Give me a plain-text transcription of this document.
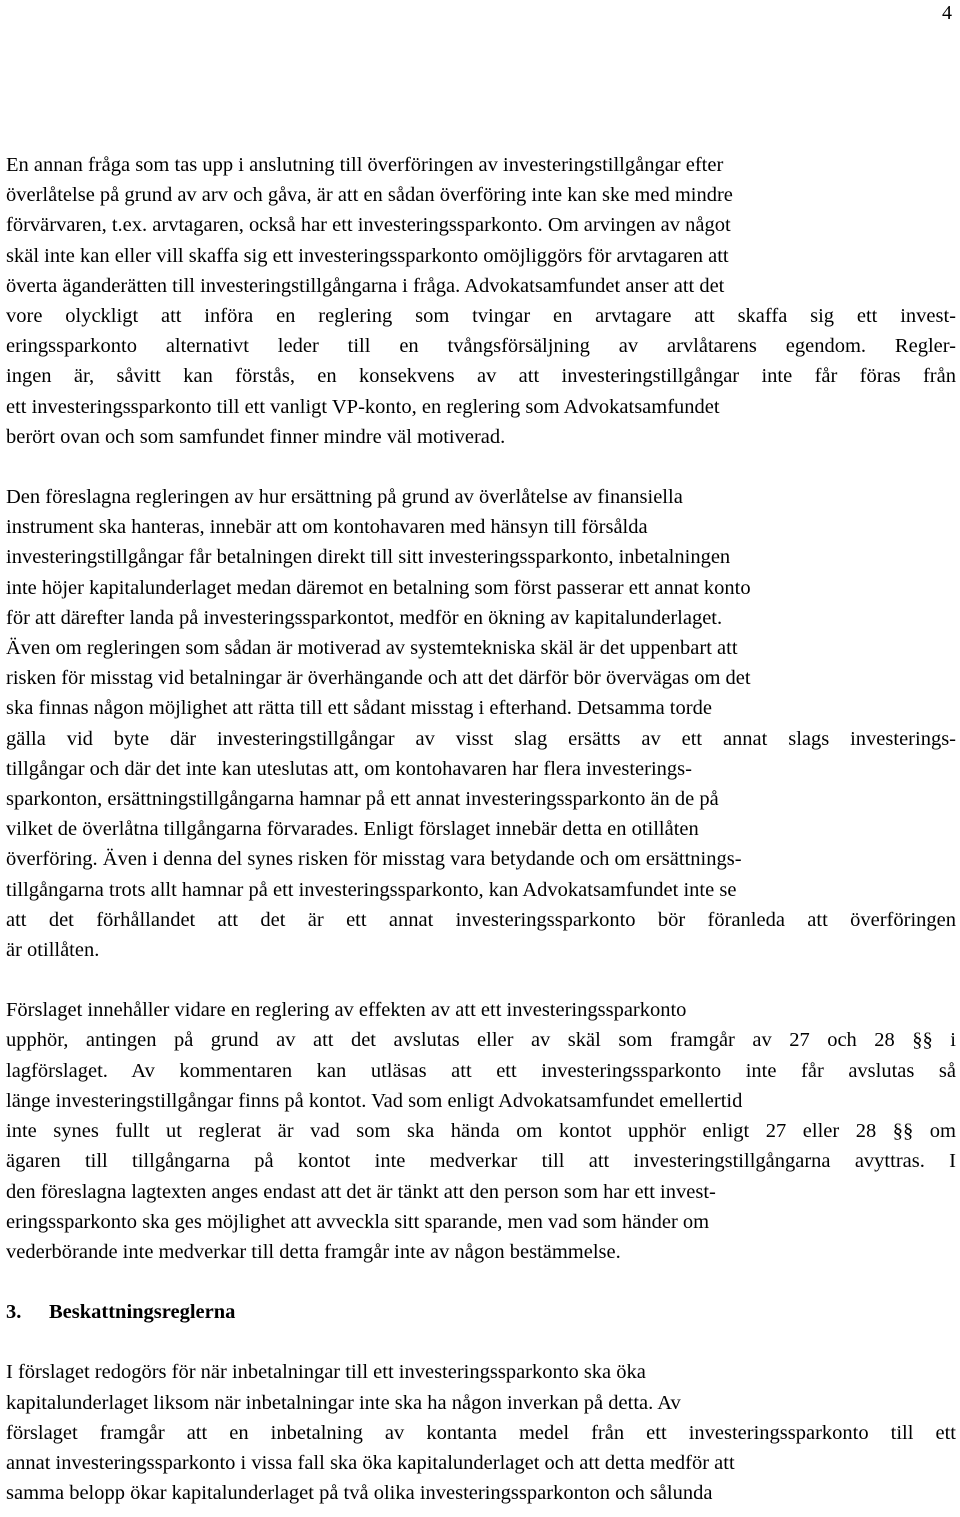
4

En annan fråga som tas upp i anslutning till överföringen av investeringstillgångar efter
överlåtelse på grund av arv och gåva, är att en sådan överföring inte kan ske med mindre
förvärvaren, t.ex. arvtagaren, också har ett investeringssparkonto. Om arvingen av något
skäl inte kan eller vill skaffa sig ett investeringssparkonto omöjliggörs för arvtagaren att
överta äganderätten till investeringstillgångarna i fråga. Advokatsamfundet anser att det
vore olyckligt att införa en reglering som tvingar en arvtagare att skaffa sig ett invest-
eringssparkonto alternativt leder till en tvångsförsäljning av arvlåtarens egendom. Regler-
ingen är, såvitt kan förstås, en konsekvens av att investeringstillgångar inte får föras från
ett investeringssparkonto till ett vanligt VP-konto, en reglering som Advokatsamfundet
berört ovan och som samfundet finner mindre väl motiverad.

Den föreslagna regleringen av hur ersättning på grund av överlåtelse av finansiella
instrument ska hanteras, innebär att om kontohavaren med hänsyn till försålda
investeringstillgångar får betalningen direkt till sitt investeringssparkonto, inbetalningen
inte höjer kapitalunderlaget medan däremot en betalning som först passerar ett annat konto
för att därefter landa på investeringssparkontot, medför en ökning av kapitalunderlaget.
Även om regleringen som sådan är motiverad av systemtekniska skäl är det uppenbart att
risken för misstag vid betalningar är överhängande och att det därför bör övervägas om det
ska finnas någon möjlighet att rätta till ett sådant misstag i efterhand. Detsamma torde
gälla vid byte där investeringstillgångar av visst slag ersätts av ett annat slags investerings-
tillgångar och där det inte kan uteslutas att, om kontohavaren har flera investerings-
sparkonton, ersättningstillgångarna hamnar på ett annat investeringssparkonto än de på
vilket de överlåtna tillgångarna förvarades. Enligt förslaget innebär detta en otillåten
överföring. Även i denna del synes risken för misstag vara betydande och om ersättnings-
tillgångarna trots allt hamnar på ett investeringssparkonto, kan Advokatsamfundet inte se
att det förhållandet att det är ett annat investeringssparkonto bör föranleda att överföringen
är otillåten.

Förslaget innehåller vidare en reglering av effekten av att ett investeringssparkonto
upphör, antingen på grund av att det avslutas eller av skäl som framgår av 27 och 28 §§ i
lagförslaget. Av kommentaren kan utläsas att ett investeringssparkonto inte får avslutas så
länge investeringstillgångar finns på kontot. Vad som enligt Advokatsamfundet emellertid
inte synes fullt ut reglerat är vad som ska hända om kontot upphör enligt 27 eller 28 §§ om
ägaren till tillgångarna på kontot inte medverkar till att investeringstillgångarna avyttras. I
den föreslagna lagtexten anges endast att det är tänkt att den person som har ett invest-
eringssparkonto ska ges möjlighet att avveckla sitt sparande, men vad som händer om
vederbörande inte medverkar till detta framgår inte av någon bestämmelse.

3. Beskattningsreglerna

I förslaget redogörs för när inbetalningar till ett investeringssparkonto ska öka
kapitalunderlaget liksom när inbetalningar inte ska ha någon inverkan på detta. Av
förslaget framgår att en inbetalning av kontanta medel från ett investeringssparkonto till ett
annat investeringssparkonto i vissa fall ska öka kapitalunderlaget och att detta medför att
samma belopp ökar kapitalunderlaget på två olika investeringssparkonton och sålunda
